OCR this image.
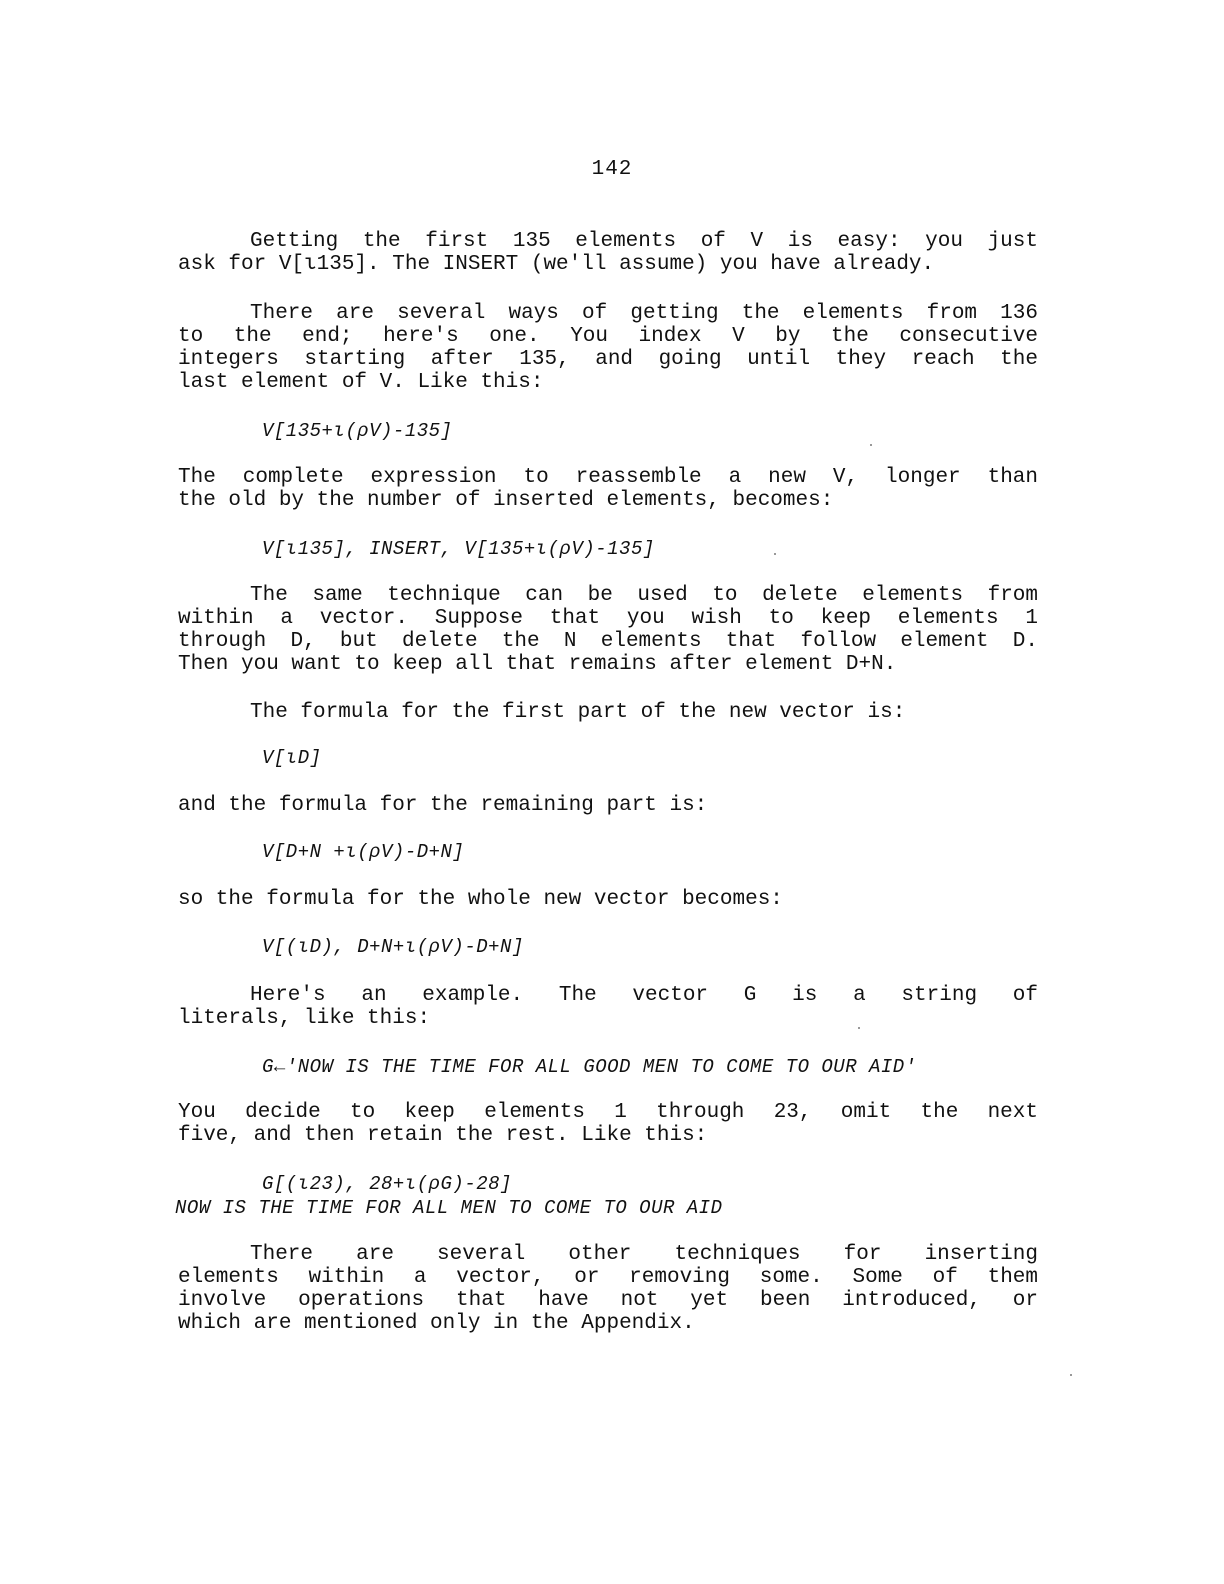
142
Getting the first 135 elements of V is easy: you just
ask for V[ι135]. The INSERT (we'll assume) you have already.
There are several ways of getting the elements from 136
to the end; here's one. You index V by the consecutive
integers starting after 135, and going until they reach the
last element of V. Like this:
V[135+ι(ρV)-135]
The complete expression to reassemble a new V, longer than
the old by the number of inserted elements, becomes:
V[ι135], INSERT, V[135+ι(ρV)-135]
The same technique can be used to delete elements from
within a vector. Suppose that you wish to keep elements 1
through D, but delete the N elements that follow element D.
Then you want to keep all that remains after element D+N.
The formula for the first part of the new vector is:
V[ιD]
and the formula for the remaining part is:
V[D+N +ι(ρV)-D+N]
so the formula for the whole new vector becomes:
V[(ιD), D+N+ι(ρV)-D+N]
Here's an example. The vector G is a string of
literals, like this:
G←'NOW IS THE TIME FOR ALL GOOD MEN TO COME TO OUR AID'
You decide to keep elements 1 through 23, omit the next
five, and then retain the rest. Like this:
G[(ι23), 28+ι(ρG)-28]
NOW IS THE TIME FOR ALL MEN TO COME TO OUR AID
There are several other techniques for inserting
elements within a vector, or removing some. Some of them
involve operations that have not yet been introduced, or
which are mentioned only in the Appendix.
